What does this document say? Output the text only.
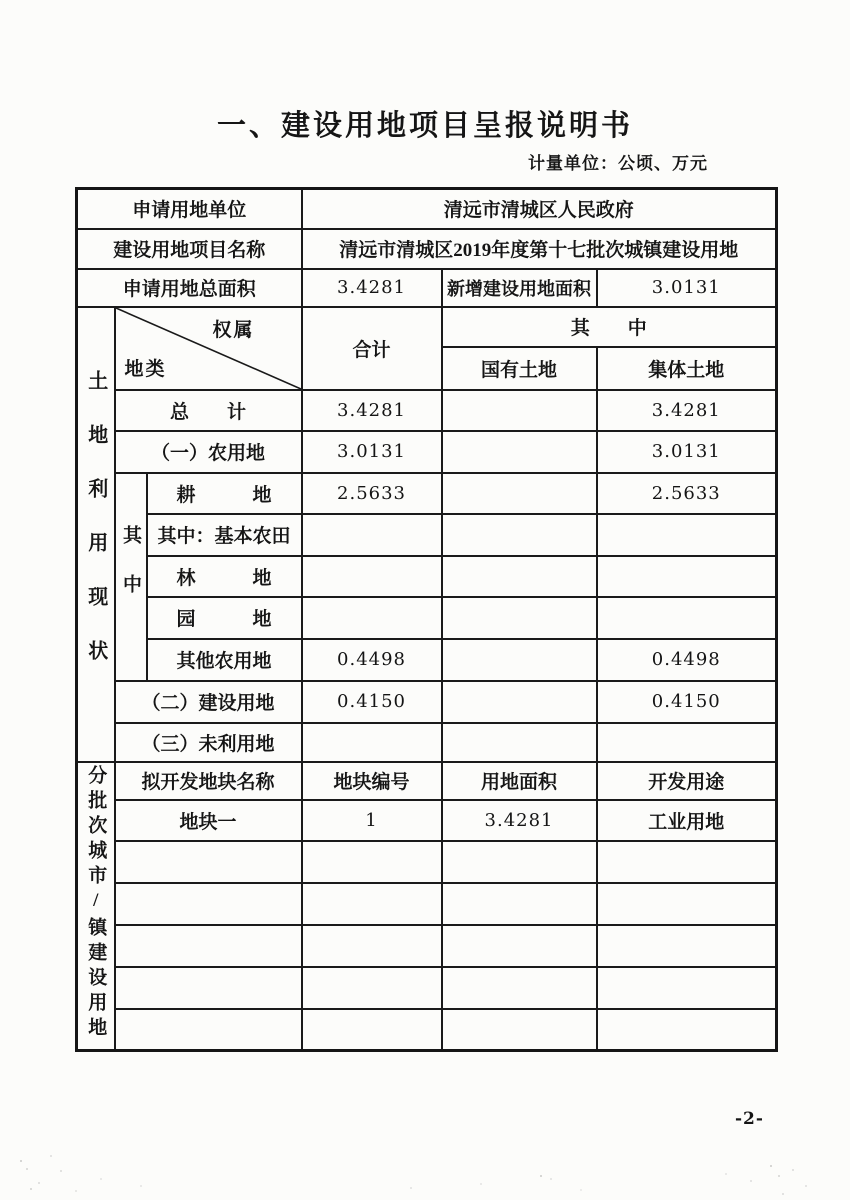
一、建设用地项目呈报说明书
计量单位：公顷、万元
申请用地单位			清远市清城区人民政府		
建设用地项目名称			清远市清城区2019年度第十七批次城镇建设用地		
申请用地总面积			3.4281	新增建设用地面积	3.0131
土地利用现状	权属
地类		合计	其　　中	
				国有土地	集体土地
	总　　计		3.4281		3.4281
	（一）农用地		3.0131		3.0131
	其中	耕　　　地	2.5633		2.5633
		其中：基本农田			
		林　　　地			
		园　　　地			
		其他农用地	0.4498		0.4498
	（二）建设用地		0.4150		0.4150
	（三）未利用地				
分批次城市/镇建设用地	拟开发地块名称		地块编号	用地面积	开发用途
	地块一		1	3.4281	工业用地

-2-
